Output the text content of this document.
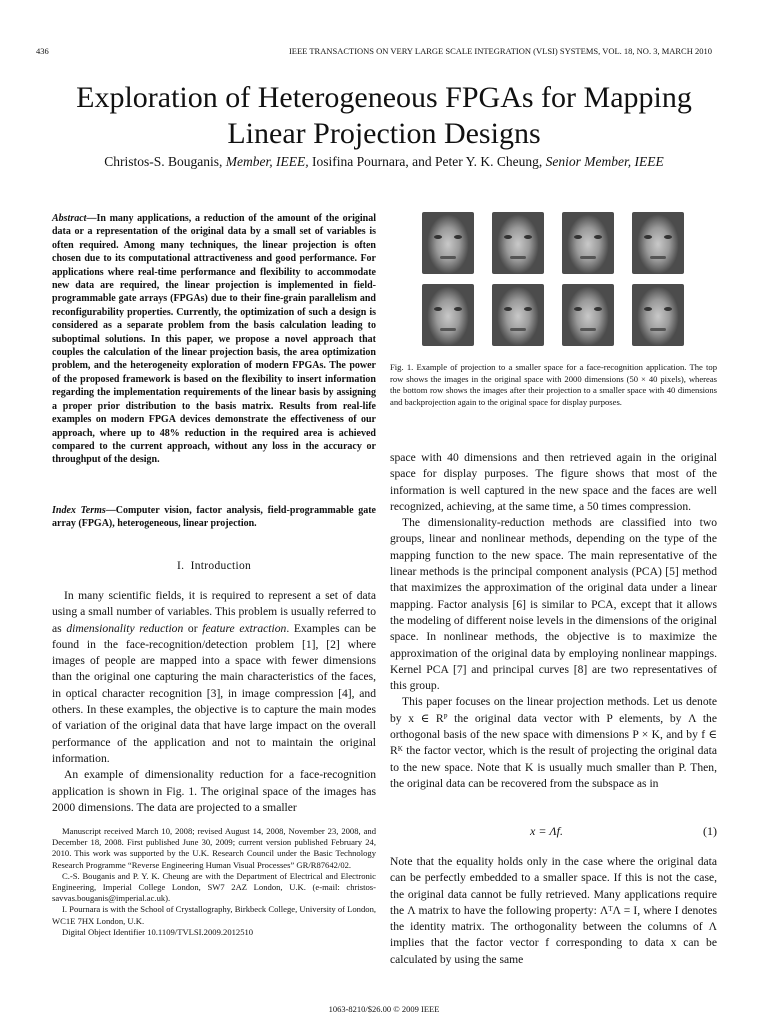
436	IEEE TRANSACTIONS ON VERY LARGE SCALE INTEGRATION (VLSI) SYSTEMS, VOL. 18, NO. 3, MARCH 2010
Exploration of Heterogeneous FPGAs for Mapping
Linear Projection Designs
Christos-S. Bouganis, Member, IEEE, Iosifina Pournara, and Peter Y. K. Cheung, Senior Member, IEEE
Abstract—In many applications, a reduction of the amount of the original data or a representation of the original data by a small set of variables is often required. Among many techniques, the linear projection is often chosen due to its computational attractiveness and good performance. For applications where real-time performance and flexibility to accommodate new data are required, the linear projection is implemented in field-programmable gate arrays (FPGAs) due to their fine-grain parallelism and reconfigurability properties. Currently, the optimization of such a design is considered as a separate problem from the basis calculation leading to suboptimal solutions. In this paper, we propose a novel approach that couples the calculation of the linear projection basis, the area optimization problem, and the heterogeneity exploration of modern FPGAs. The power of the proposed framework is based on the flexibility to insert information regarding the implementation requirements of the linear basis by assigning a proper prior distribution to the basis matrix. Results from real-life examples on modern FPGA devices demonstrate the effectiveness of our approach, where up to 48% reduction in the required area is achieved compared to the current approach, without any loss in the accuracy or throughput of the design.
Index Terms—Computer vision, factor analysis, field-programmable gate array (FPGA), heterogeneous, linear projection.
I. Introduction

In many scientific fields, it is required to represent a set of data using a small number of variables. This problem is usually referred to as dimensionality reduction or feature extraction. Examples can be found in the face-recognition/detection problem [1], [2] where images of people are mapped into a space with fewer dimensions than the original one capturing the main characteristics of the faces, in optical character recognition [3], in image compression [4], and others. In these examples, the objective is to capture the main modes of variation of the original data that have large impact on the overall performance of the application and not to maintain the original information.

An example of dimensionality reduction for a face-recognition application is shown in Fig. 1. The original space of the images has 2000 dimensions. The data are projected to a smaller

Manuscript received March 10, 2008; revised August 14, 2008, November 23, 2008, and December 18, 2008. First published June 30, 2009; current version published February 24, 2010. This work was supported by the U.K. Research Council under the Basic Technology Research Programme “Reverse Engineering Human Visual Processes” GR/R87642/02.

C.-S. Bouganis and P. Y. K. Cheung are with the Department of Electrical and Electronic Engineering, Imperial College London, SW7 2AZ London, U.K. (e-mail: christos-savvas.bouganis@imperial.ac.uk).

I. Pournara is with the School of Crystallography, Birkbeck College, University of London, WC1E 7HX London, U.K.

Digital Object Identifier 10.1109/TVLSI.2009.2012510

Fig. 1. Example of projection to a smaller space for a face-recognition application. The top row shows the images in the original space with 2000 dimensions (50 × 40 pixels), whereas the bottom row shows the images after their projection to a smaller space with 40 dimensions and backprojection again to the original space for display purposes.

space with 40 dimensions and then retrieved again in the original space for display purposes. The figure shows that most of the information is well captured in the new space and the faces are well recognized, achieving, at the same time, a 50 times compression.

The dimensionality-reduction methods are classified into two groups, linear and nonlinear methods, depending on the type of the mapping function to the new space. The main representative of the linear methods is the principal component analysis (PCA) [5] method that maximizes the approximation of the original data under a linear mapping. Factor analysis [6] is similar to PCA, except that it allows the modeling of different noise levels in the dimensions of the original space. In nonlinear methods, the objective is to maximize the approximation of the original data by employing nonlinear mappings. Kernel PCA [7] and principal curves [8] are two representatives of this group.

This paper focuses on the linear projection methods. Let us denote by x ∈ Rᴾ the original data vector with P elements, by Λ the orthogonal basis of the new space with dimensions P × K, and by f ∈ Rᴷ the factor vector, which is the result of projecting the original data to the new space. Note that K is usually much smaller than P. Then, the original data can be recovered from the subspace as in

x = Λf.	(1)

Note that the equality holds only in the case where the original data can be perfectly embedded to a smaller space. If this is not the case, the original data cannot be fully retrieved. Many applications require the Λ matrix to have the following property: ΛᵀΛ = I, where I denotes the identity matrix. The orthogonality between the columns of Λ implies that the factor vector f corresponding to data x can be calculated by using the same

1063-8210/$26.00 © 2009 IEEE
